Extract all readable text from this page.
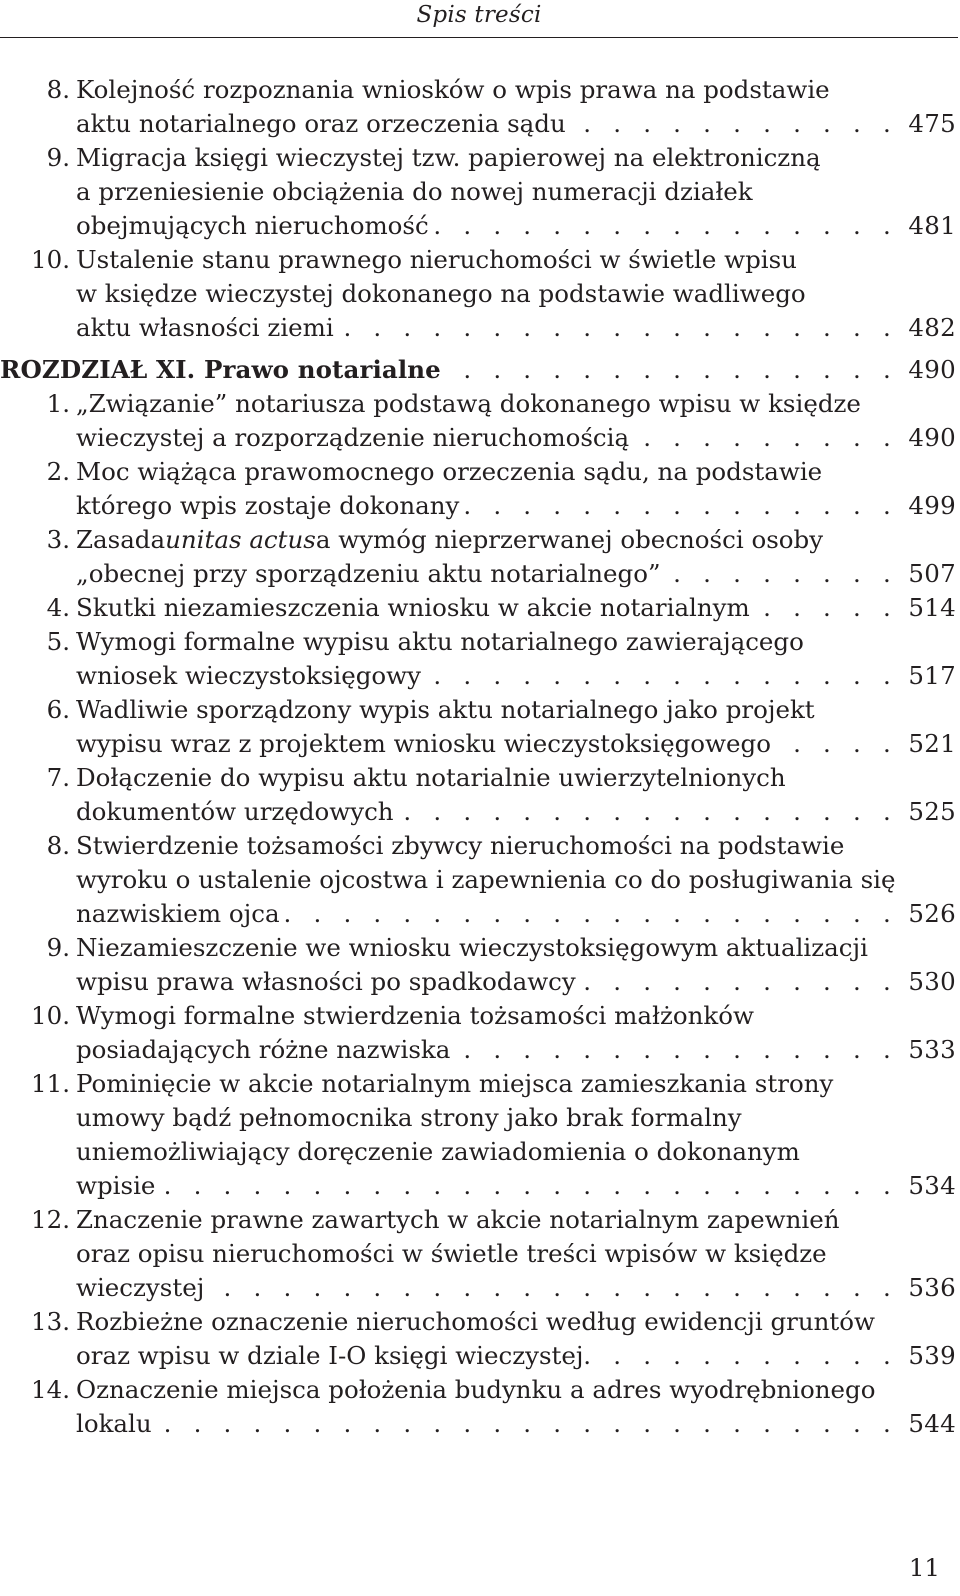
Spis treści
8. Kolejność rozpoznania wniosków o wpis prawa na podstawie
aktu notarialnego oraz orzeczenia sądu . . .	475
9. Migracja księgi wieczystej tzw. papierowej na elektroniczną
a przeniesienie obciążenia do nowej numeracji działek
obejmujących nieruchomość . . .	481
10. Ustalenie stanu prawnego nieruchomości w świetle wpisu
w księdze wieczystej dokonanego na podstawie wadliwego
aktu własności ziemi . . .	482
ROZDZIAŁ XI. Prawo notarialne . . .	490
1. „Związanie” notariusza podstawą dokonanego wpisu w księdze
wieczystej a rozporządzenie nieruchomością . . .	490
2. Moc wiążąca prawomocnego orzeczenia sądu, na podstawie
którego wpis zostaje dokonany . . .	499
3. Zasada unitas actus a wymóg nieprzerwanej obecności osoby
„obecnej przy sporządzeniu aktu notarialnego” . . .	507
4. Skutki niezamieszczenia wniosku w akcie notarialnym . . .	514
5. Wymogi formalne wypisu aktu notarialnego zawierającego
wniosek wieczystoksięgowy . . .	517
6. Wadliwie sporządzony wypis aktu notarialnego jako projekt
wypisu wraz z projektem wniosku wieczystoksięgowego . . .	521
7. Dołączenie do wypisu aktu notarialnie uwierzytelnionych
dokumentów urzędowych . . .	525
8. Stwierdzenie tożsamości zbywcy nieruchomości na podstawie
wyroku o ustalenie ojcostwa i zapewnienia co do posługiwania się
nazwiskiem ojca . . .	526
9. Niezamieszczenie we wniosku wieczystoksięgowym aktualizacji
wpisu prawa własności po spadkodawcy . . .	530
10. Wymogi formalne stwierdzenia tożsamości małżonków
posiadających różne nazwiska . . .	533
11. Pominięcie w akcie notarialnym miejsca zamieszkania strony
umowy bądź pełnomocnika strony jako brak formalny
uniemożliwiający doręczenie zawiadomienia o dokonanym
wpisie . . .	534
12. Znaczenie prawne zawartych w akcie notarialnym zapewnień
oraz opisu nieruchomości w świetle treści wpisów w księdze
wieczystej . . .	536
13. Rozbieżne oznaczenie nieruchomości według ewidencji gruntów
oraz wpisu w dziale I-O księgi wieczystej . . .	539
14. Oznaczenie miejsca położenia budynku a adres wyodrębnionego
lokalu . . .	544
11
